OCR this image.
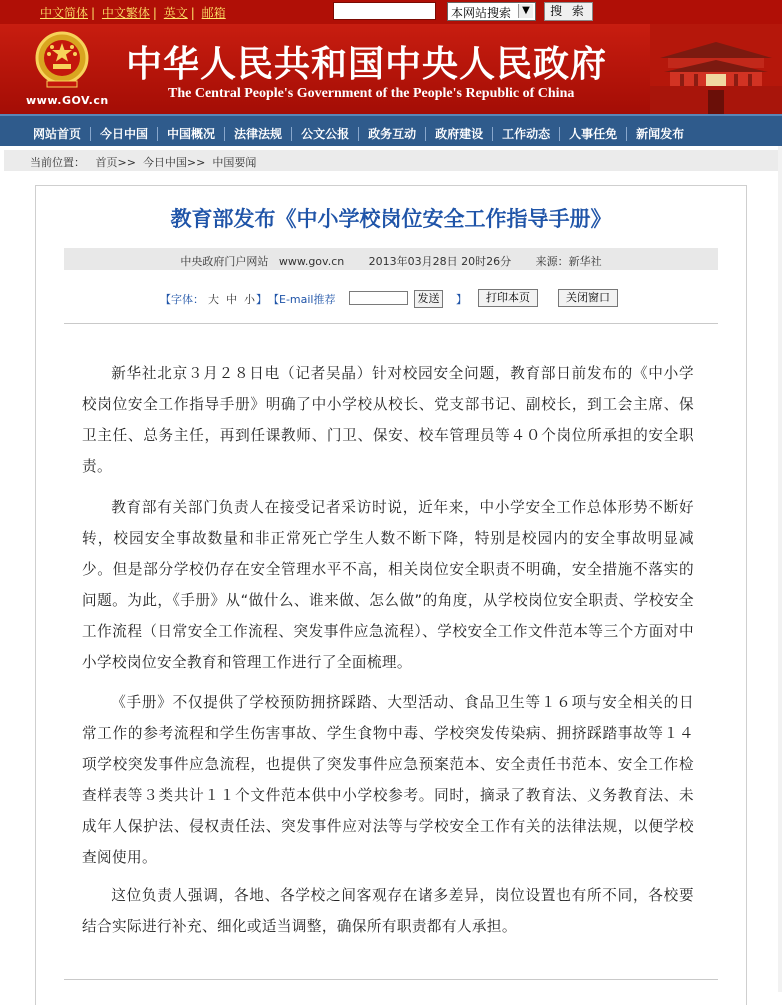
中文简体 | 中文繁体 | 英文 | 邮箱	本网站搜索	▼	搜 索
www.GOV.cn
中华人民共和国中央人民政府
The Central People's Government of the People's Republic of China
网站首页 今日中国 中国概况 法律法规 公文公报 政务互动 政府建设 工作动态 人事任免 新闻发布
当前位置： 首页>> 今日中国>> 中国要闻
教育部发布《中小学校岗位安全工作指导手册》
中央政府门户网站   www.gov.cn       2013年03月28日 20时26分       来源：新华社
【字体： 大 中 小 】 【E-mail推荐	发送	】	打印本页	关闭窗口
新华社北京３月２８日电（记者吴晶）针对校园安全问题，教育部日前发布的《中小学校岗位安全工作指导手册》明确了中小学校从校长、党支部书记、副校长，到工会主席、保卫主任、总务主任，再到任课教师、门卫、保安、校车管理员等４０个岗位所承担的安全职责。
教育部有关部门负责人在接受记者采访时说，近年来，中小学安全工作总体形势不断好转，校园安全事故数量和非正常死亡学生人数不断下降，特别是校园内的安全事故明显减少。但是部分学校仍存在安全管理水平不高，相关岗位安全职责不明确，安全措施不落实的问题。为此，《手册》从“做什么、谁来做、怎么做”的角度，从学校岗位安全职责、学校安全工作流程（日常安全工作流程、突发事件应急流程）、学校安全工作文件范本等三个方面对中小学校岗位安全教育和管理工作进行了全面梳理。
《手册》不仅提供了学校预防拥挤踩踏、大型活动、食品卫生等１６项与安全相关的日常工作的参考流程和学生伤害事故、学生食物中毒、学校突发传染病、拥挤踩踏事故等１４项学校突发事件应急流程，也提供了突发事件应急预案范本、安全责任书范本、安全工作检查样表等３类共计１１个文件范本供中小学校参考。同时，摘录了教育法、义务教育法、未成年人保护法、侵权责任法、突发事件应对法等与学校安全工作有关的法律法规，以便学校查阅使用。
这位负责人强调，各地、各学校之间客观存在诸多差异，岗位设置也有所不同，各校要结合实际进行补充、细化或适当调整，确保所有职责都有人承担。
